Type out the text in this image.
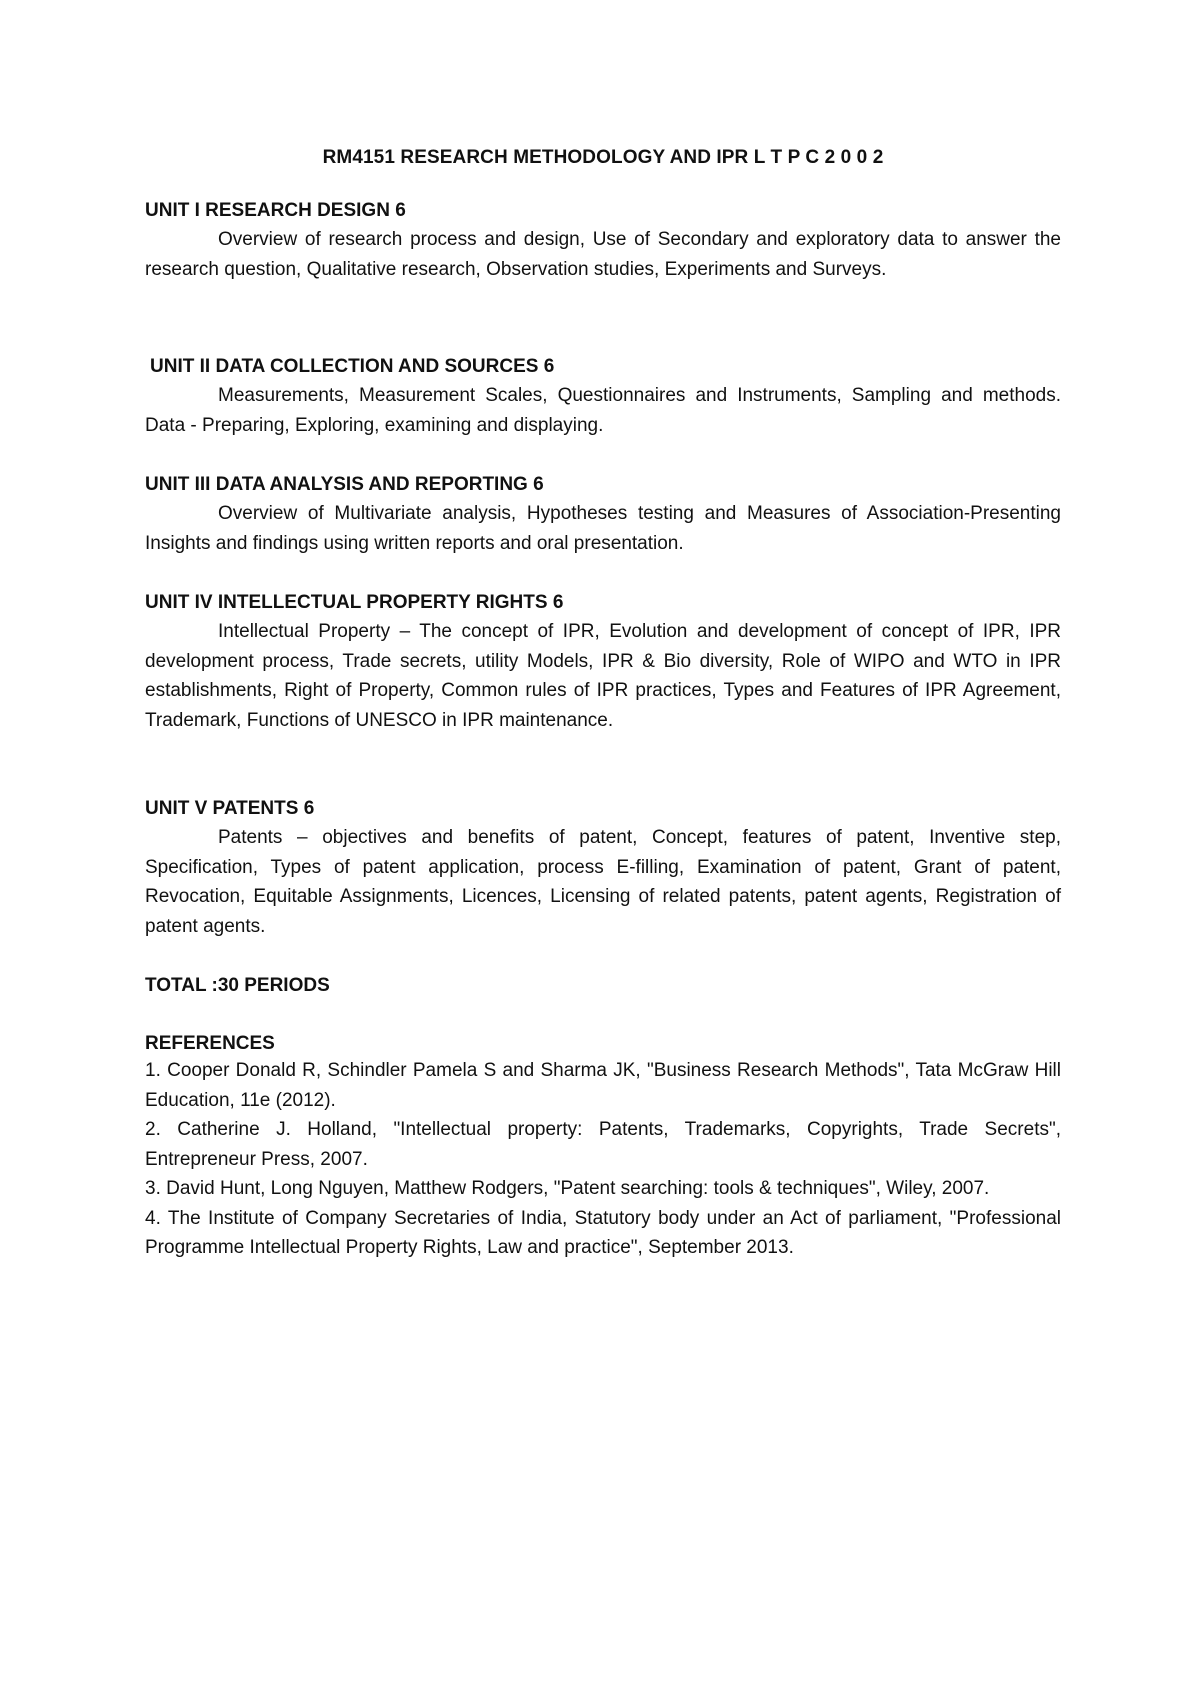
RM4151 RESEARCH METHODOLOGY AND IPR L T P C 2 0 0 2

UNIT I RESEARCH DESIGN 6

Overview of research process and design, Use of Secondary and exploratory data to answer the research question, Qualitative research, Observation studies, Experiments and Surveys.

UNIT II DATA COLLECTION AND SOURCES 6

Measurements, Measurement Scales, Questionnaires and Instruments, Sampling and methods. Data - Preparing, Exploring, examining and displaying.

UNIT III DATA ANALYSIS AND REPORTING 6

Overview of Multivariate analysis, Hypotheses testing and Measures of Association-Presenting Insights and findings using written reports and oral presentation.

UNIT IV INTELLECTUAL PROPERTY RIGHTS 6

Intellectual Property – The concept of IPR, Evolution and development of concept of IPR, IPR development process, Trade secrets, utility Models, IPR & Bio diversity, Role of WIPO and WTO in IPR establishments, Right of Property, Common rules of IPR practices, Types and Features of IPR Agreement, Trademark, Functions of UNESCO in IPR maintenance.

UNIT V PATENTS 6

Patents – objectives and benefits of patent, Concept, features of patent, Inventive step, Specification, Types of patent application, process E-filling, Examination of patent, Grant of patent, Revocation, Equitable Assignments, Licences, Licensing of related patents, patent agents, Registration of patent agents.

TOTAL :30 PERIODS

REFERENCES

1. Cooper Donald R, Schindler Pamela S and Sharma JK, "Business Research Methods", Tata McGraw Hill Education, 11e (2012).

2. Catherine J. Holland, "Intellectual property: Patents, Trademarks, Copyrights, Trade Secrets", Entrepreneur Press, 2007.

3. David Hunt, Long Nguyen, Matthew Rodgers, "Patent searching: tools & techniques", Wiley, 2007.

4. The Institute of Company Secretaries of India, Statutory body under an Act of parliament, "Professional Programme Intellectual Property Rights, Law and practice", September 2013.
